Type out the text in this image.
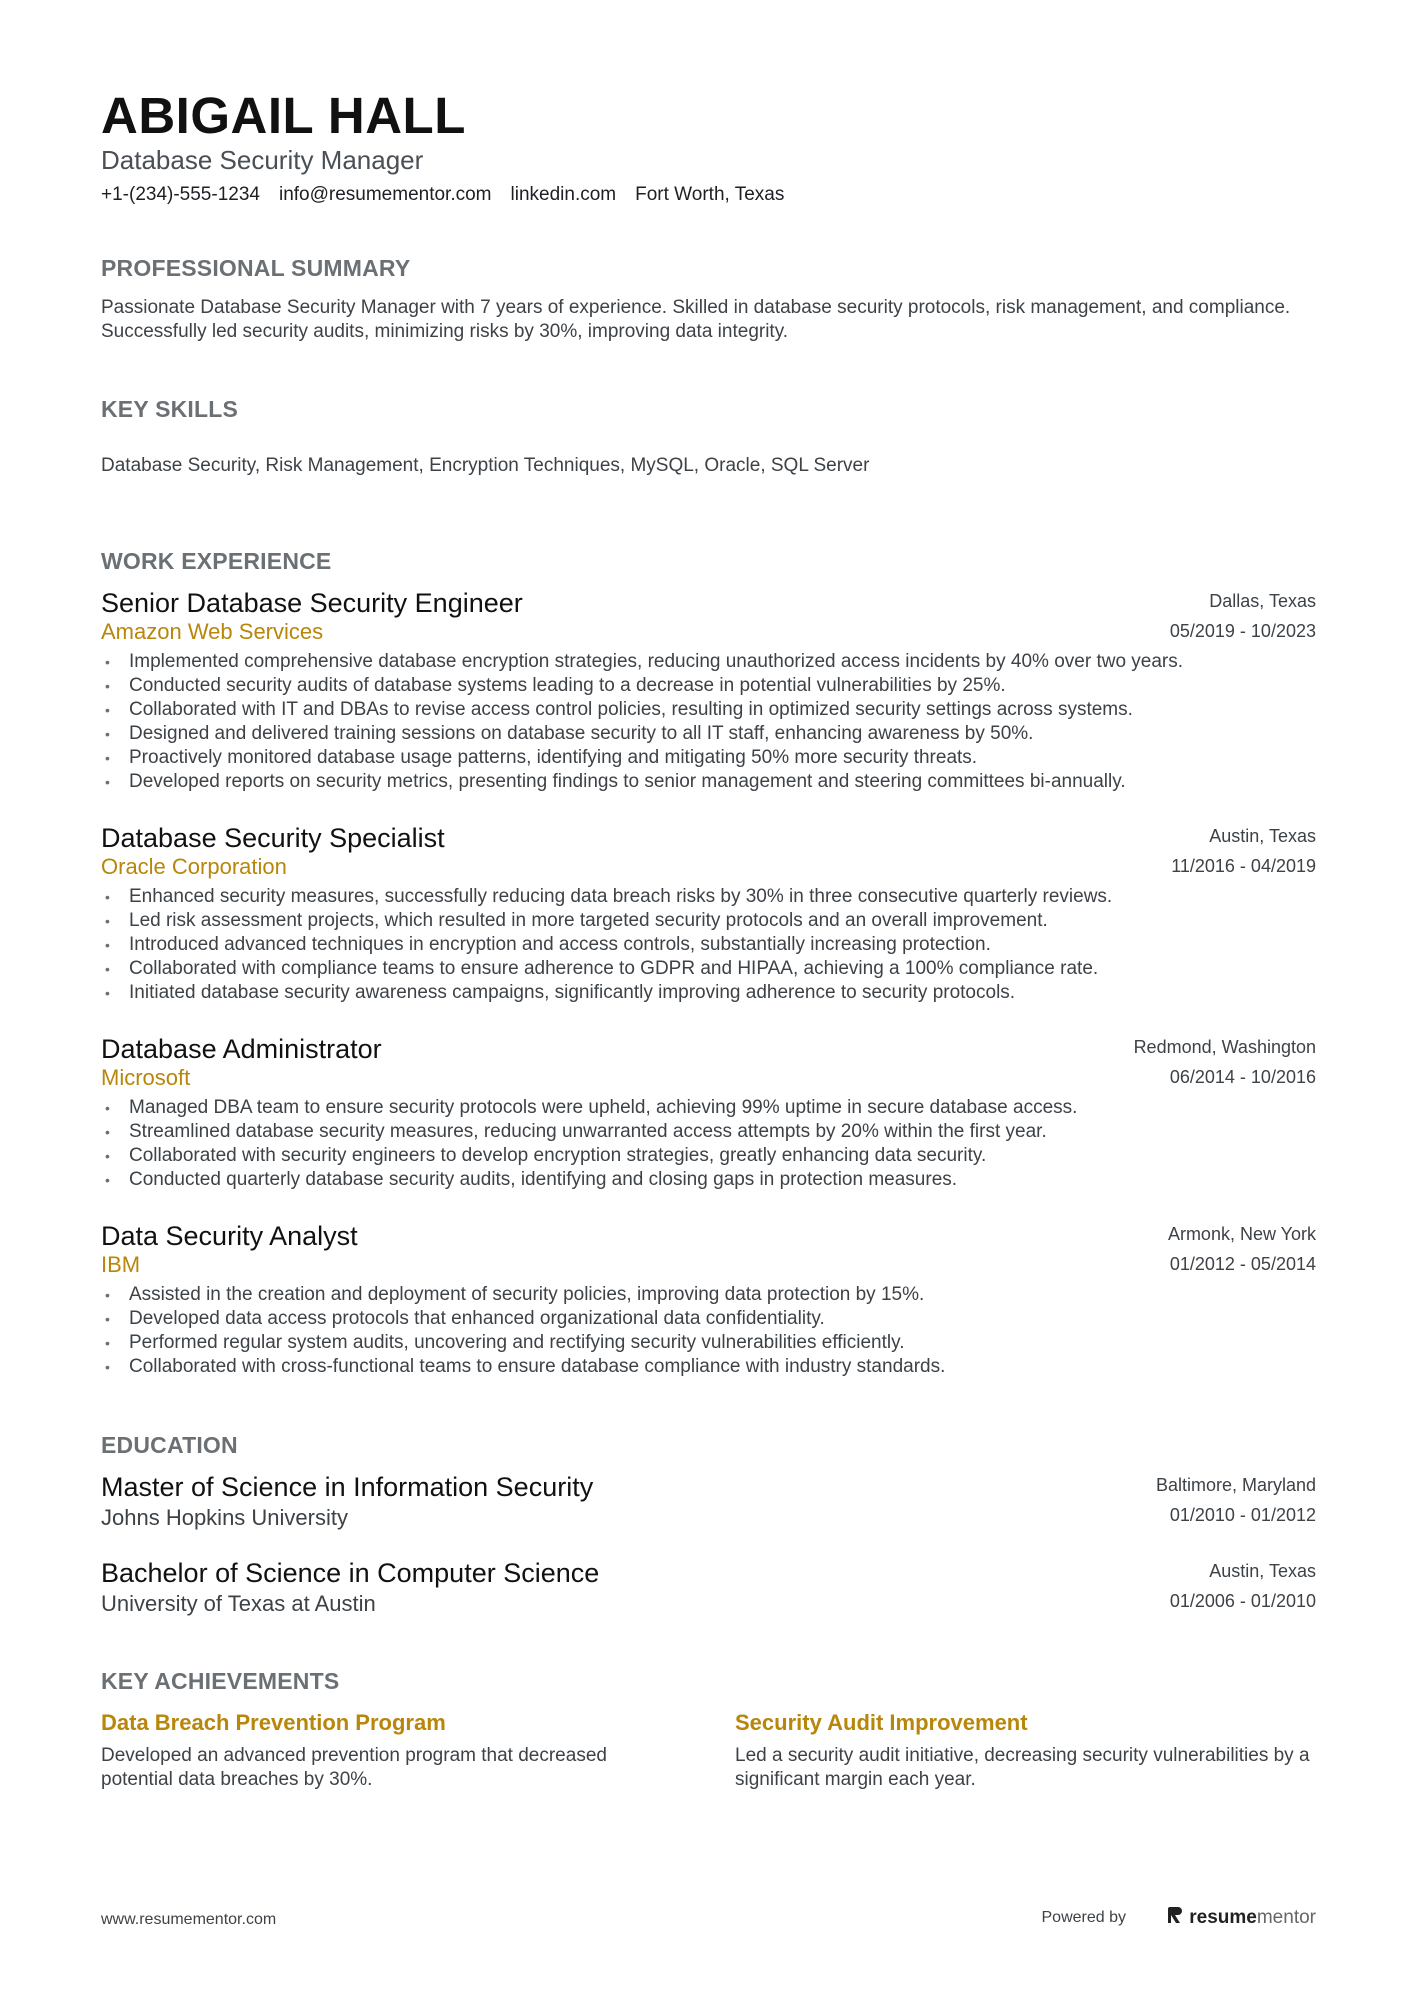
ABIGAIL HALL
Database Security Manager
+1-(234)-555-1234 info@resumementor.com linkedin.com Fort Worth, Texas
PROFESSIONAL SUMMARY
Passionate Database Security Manager with 7 years of experience. Skilled in database security protocols, risk management, and compliance. Successfully led security audits, minimizing risks by 30%, improving data integrity.
KEY SKILLS
Database Security, Risk Management, Encryption Techniques, MySQL, Oracle, SQL Server
WORK EXPERIENCE
Senior Database Security Engineer
Amazon Web Services
Dallas, Texas
05/2019 - 10/2023
• Implemented comprehensive database encryption strategies, reducing unauthorized access incidents by 40% over two years.
• Conducted security audits of database systems leading to a decrease in potential vulnerabilities by 25%.
• Collaborated with IT and DBAs to revise access control policies, resulting in optimized security settings across systems.
• Designed and delivered training sessions on database security to all IT staff, enhancing awareness by 50%.
• Proactively monitored database usage patterns, identifying and mitigating 50% more security threats.
• Developed reports on security metrics, presenting findings to senior management and steering committees bi-annually.
Database Security Specialist
Oracle Corporation
Austin, Texas
11/2016 - 04/2019
• Enhanced security measures, successfully reducing data breach risks by 30% in three consecutive quarterly reviews.
• Led risk assessment projects, which resulted in more targeted security protocols and an overall improvement.
• Introduced advanced techniques in encryption and access controls, substantially increasing protection.
• Collaborated with compliance teams to ensure adherence to GDPR and HIPAA, achieving a 100% compliance rate.
• Initiated database security awareness campaigns, significantly improving adherence to security protocols.
Database Administrator
Microsoft
Redmond, Washington
06/2014 - 10/2016
• Managed DBA team to ensure security protocols were upheld, achieving 99% uptime in secure database access.
• Streamlined database security measures, reducing unwarranted access attempts by 20% within the first year.
• Collaborated with security engineers to develop encryption strategies, greatly enhancing data security.
• Conducted quarterly database security audits, identifying and closing gaps in protection measures.
Data Security Analyst
IBM
Armonk, New York
01/2012 - 05/2014
• Assisted in the creation and deployment of security policies, improving data protection by 15%.
• Developed data access protocols that enhanced organizational data confidentiality.
• Performed regular system audits, uncovering and rectifying security vulnerabilities efficiently.
• Collaborated with cross-functional teams to ensure database compliance with industry standards.
EDUCATION
Master of Science in Information Security
Johns Hopkins University
Baltimore, Maryland
01/2010 - 01/2012
Bachelor of Science in Computer Science
University of Texas at Austin
Austin, Texas
01/2006 - 01/2010
KEY ACHIEVEMENTS
Data Breach Prevention Program
Developed an advanced prevention program that decreased potential data breaches by 30%.
Security Audit Improvement
Led a security audit initiative, decreasing security vulnerabilities by a significant margin each year.
www.resumementor.com	Powered by	resumementor
